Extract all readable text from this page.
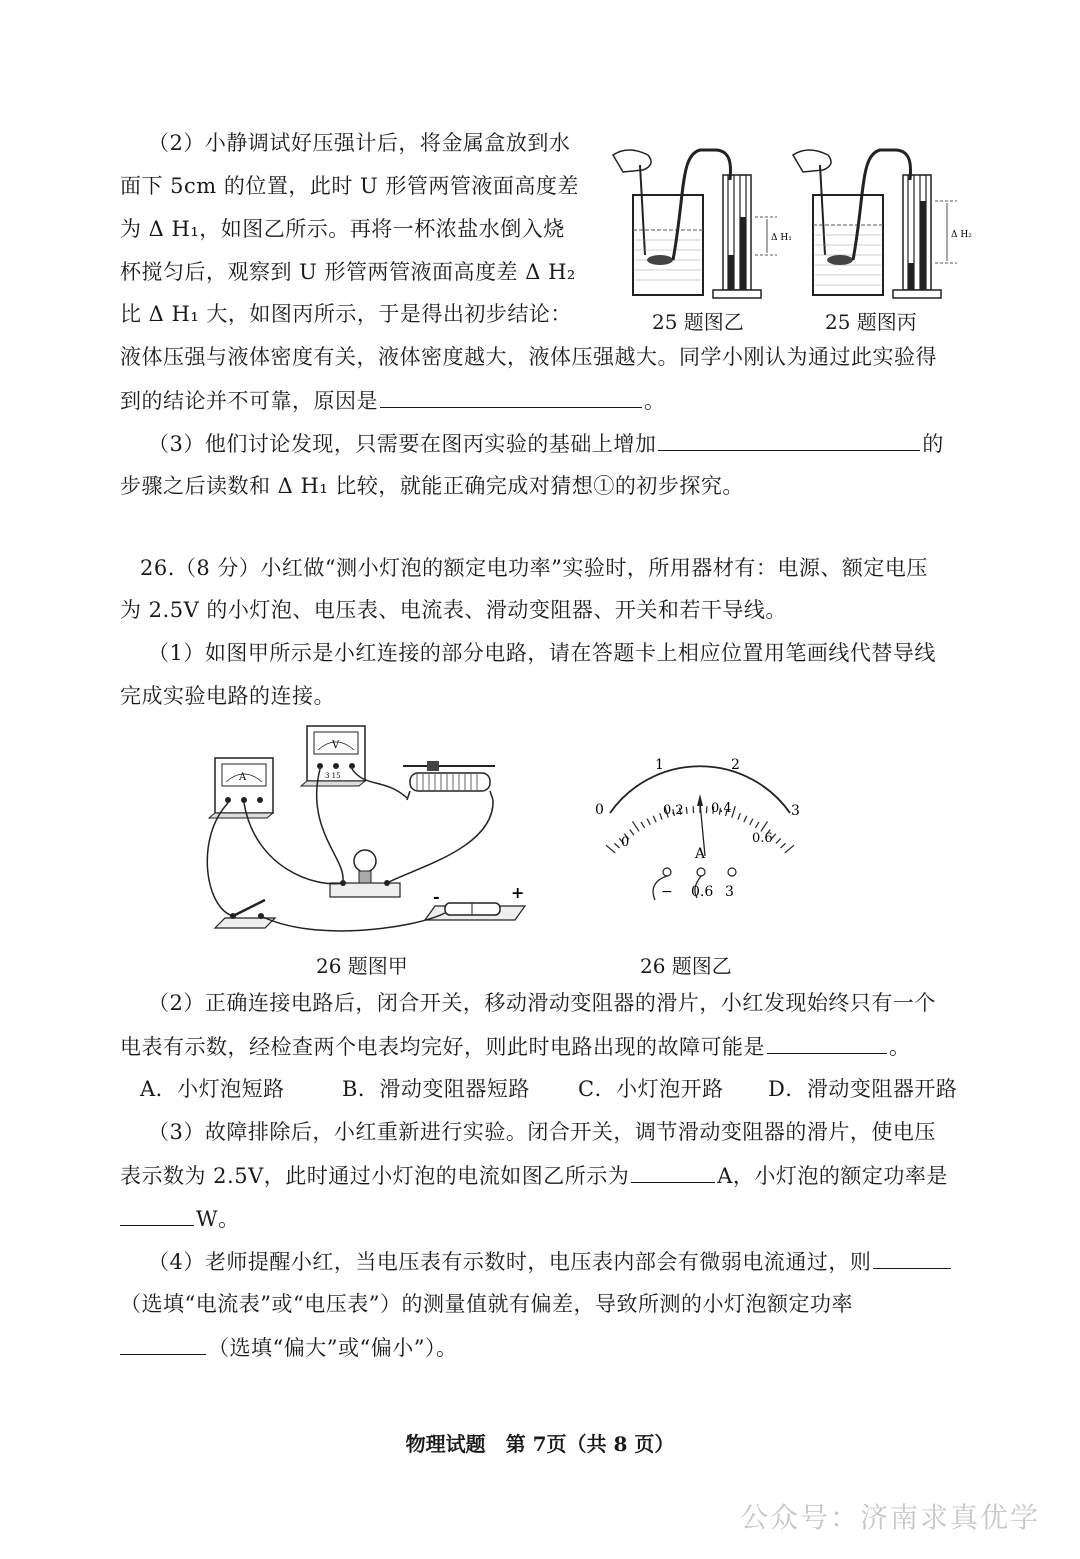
（2）小静调试好压强计后，将金属盒放到水
面下 5cm 的位置，此时 U 形管两管液面高度差
为 Δ H₁，如图乙所示。再将一杯浓盐水倒入烧
杯搅匀后，观察到 U 形管两管液面高度差 Δ H₂
比 Δ H₁ 大，如图丙所示，于是得出初步结论：
Δ H₁	Δ H₂
25 题图乙	25 题图丙
液体压强与液体密度有关，液体密度越大，液体压强越大。同学小刚认为通过此实验得
到的结论并不可靠，原因是	。
（3）他们讨论发现，只需要在图丙实验的基础上增加	的
步骤之后读数和 Δ H₁ 比较，就能正确完成对猜想①的初步探究。
26.（8 分）小红做“测小灯泡的额定电功率”实验时，所用器材有：电源、额定电压
为 2.5V 的小灯泡、电压表、电流表、滑动变阻器、开关和若干导线。
（1）如图甲所示是小红连接的部分电路，请在答题卡上相应位置用笔画线代替导线
完成实验电路的连接。
A
V
3 15
-	+
26 题图甲
1	2
0.2 0.4
0
0
3
0.6
A
− 0.6 3
26 题图乙
（2）正确连接电路后，闭合开关，移动滑动变阻器的滑片，小红发现始终只有一个
电表有示数，经检查两个电表均完好，则此时电路出现的故障可能是	。
A．小灯泡短路	B．滑动变阻器短路 C．小灯泡开路 D．滑动变阻器开路
（3）故障排除后，小红重新进行实验。闭合开关，调节滑动变阻器的滑片，使电压
表示数为 2.5V，此时通过小灯泡的电流如图乙所示为	A，小灯泡的额定功率是
W。
（4）老师提醒小红，当电压表有示数时，电压表内部会有微弱电流通过，则
（选填“电流表”或“电压表”）的测量值就有偏差，导致所测的小灯泡额定功率
（选填“偏大”或“偏小”）。
物理试题　第 7页（共 8 页）
公众号：济南求真优学
